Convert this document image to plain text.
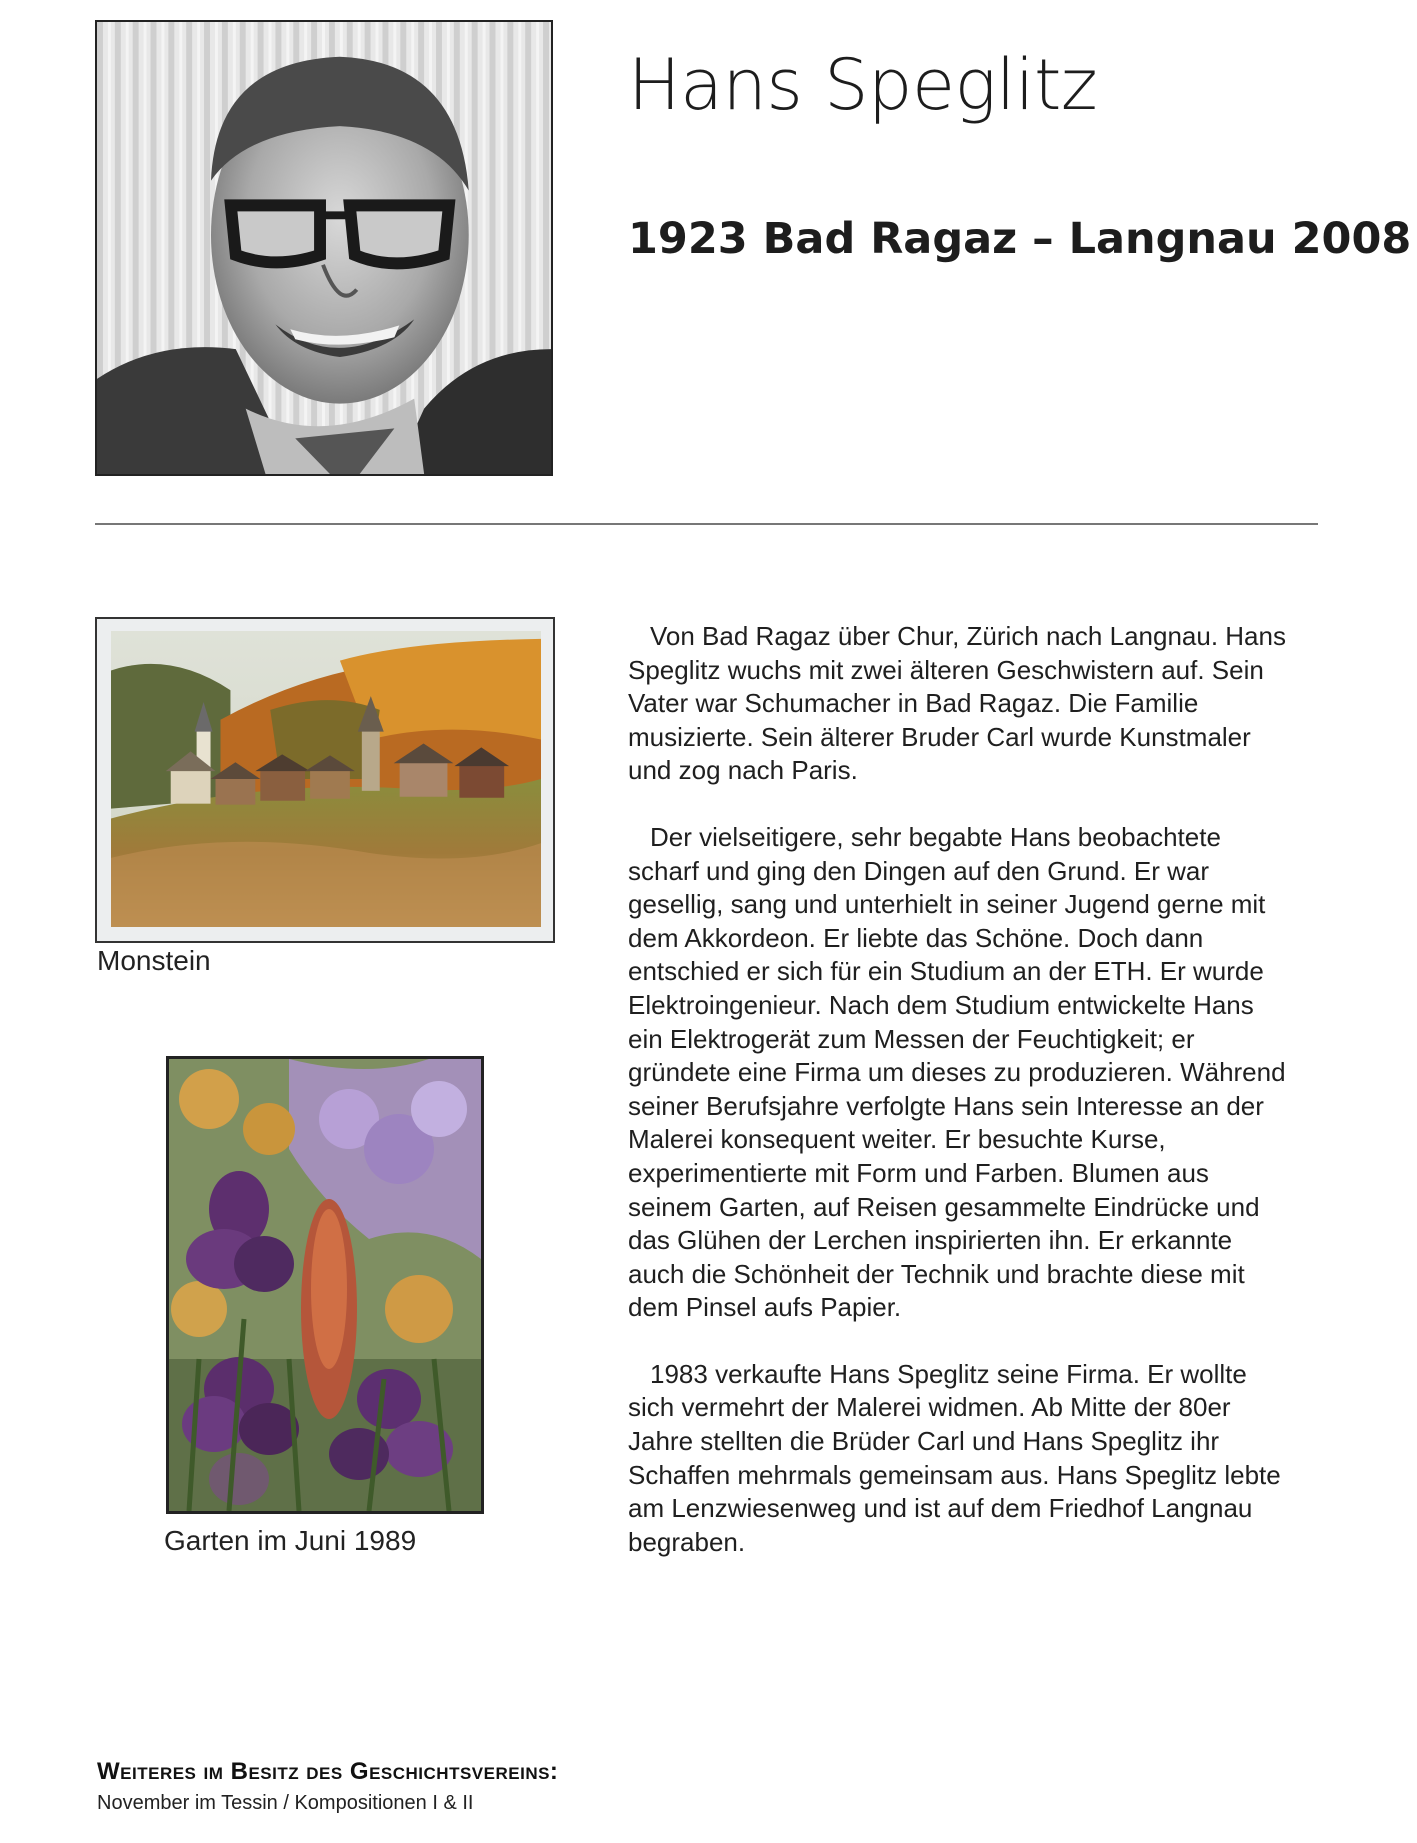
Hans Speglitz
1923 Bad Ragaz – Langnau 2008
Monstein
Garten im Juni 1989

Von Bad Ragaz über Chur, Zürich nach Langnau. Hans Speglitz wuchs mit zwei älteren Geschwistern auf. Sein Vater war Schumacher in Bad Ragaz. Die Familie musizierte. Sein älterer Bruder Carl wurde Kunstmaler und zog nach Paris.

Der vielseitigere, sehr begabte Hans beobachtete scharf und ging den Dingen auf den Grund. Er war gesellig, sang und unterhielt in seiner Jugend gerne mit dem Akkordeon. Er liebte das Schöne. Doch dann entschied er sich für ein Studium an der ETH. Er wurde Elektroingenieur. Nach dem Studium entwickelte Hans ein Elektrogerät zum Messen der Feuchtigkeit; er gründete eine Firma um dieses zu produzieren. Während seiner Berufsjahre verfolgte Hans sein Interesse an der Malerei konsequent weiter. Er besuchte Kurse, experimentierte mit Form und Farben. Blumen aus seinem Garten, auf Reisen gesammelte Eindrücke und das Glühen der Lerchen inspirierten ihn. Er erkannte auch die Schönheit der Technik und brachte diese mit dem Pinsel aufs Papier.

1983 verkaufte Hans Speglitz seine Firma. Er wollte sich vermehrt der Malerei widmen. Ab Mitte der 80er Jahre stellten die Brüder Carl und Hans Speglitz ihr Schaffen mehrmals gemeinsam aus. Hans Speglitz lebte am Lenzwiesenweg und ist auf dem Friedhof Langnau begraben.

Weiteres im Besitz des Geschichtsvereins:
November im Tessin / Kompositionen I & II
